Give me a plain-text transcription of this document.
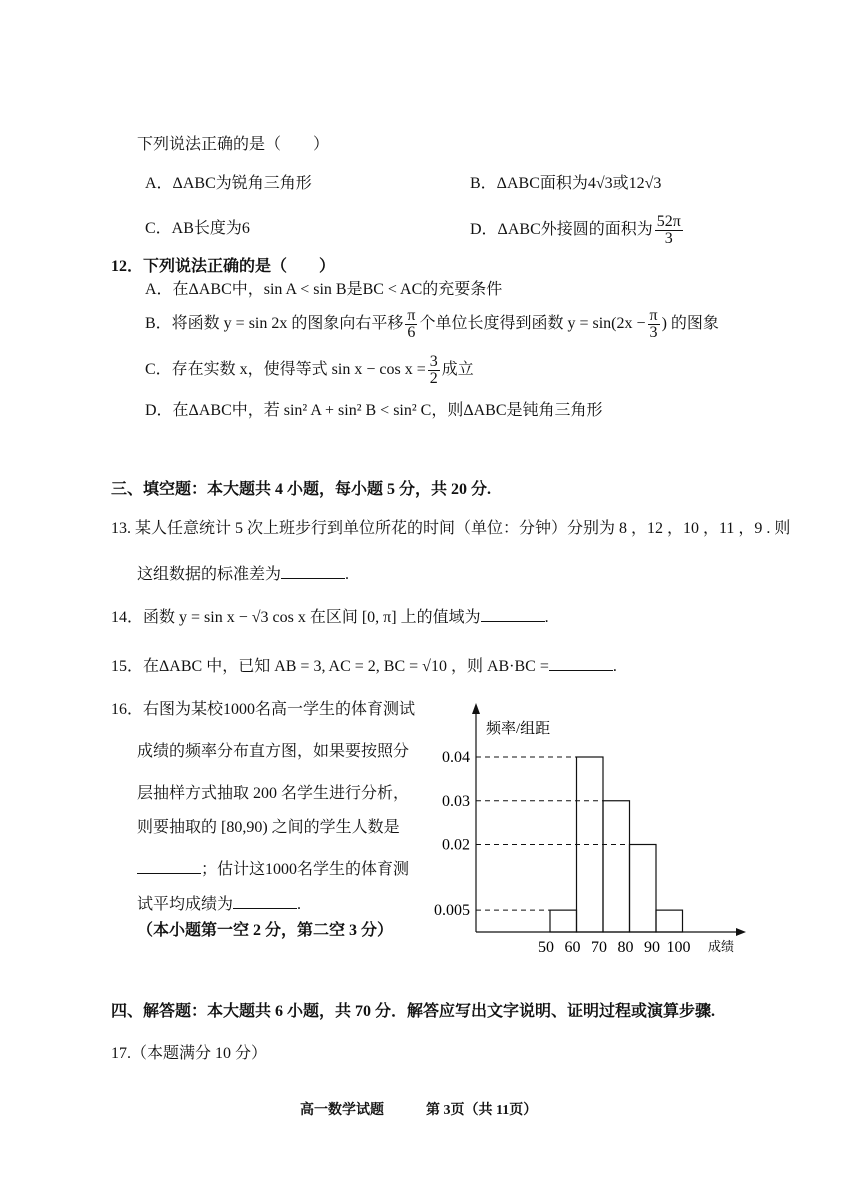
下列说法正确的是（　　）
A．ΔABC为锐角三角形	B．ΔABC面积为4√3或12√3
C．AB长度为6	D．ΔABC外接圆的面积为 $\frac{52\pi}{3}$
12．下列说法正确的是（　　）
A．在ΔABC中，sin A < sin B是BC < AC的充要条件
B．将函数 y = sin 2x 的图象向右平移 $\frac{\pi}{6}$ 个单位长度得到函数 $y = \sin(2x - \frac{\pi}{3}$ ) 的图象
C．存在实数 x，使得等式 $\sin x - \cos x = \frac{3}{2}$ 成立
D．在ΔABC中，若 sin² A + sin² B < sin² C，则ΔABC是钝角三角形
三、填空题：本大题共 4 小题，每小题 5 分，共 20 分.
13. 某人任意统计 5 次上班步行到单位所花的时间（单位：分钟）分别为 8 ，12 ，10 ，11 ，9 . 则
这组数据的标准差为	.
14．函数 y = sin x − √3 cos x 在区间 [0, π] 上的值域为	.
15．在ΔABC 中，已知 AB = 3, AC = 2, BC = √10 ，则 AB·BC =	.
16．右图为某校1000名高一学生的体育测试
成绩的频率分布直方图，如果要按照分
层抽样方式抽取 200 名学生进行分析，
则要抽取的 [80,90) 之间的学生人数是
；估计这1000名学生的体育测
试平均成绩为	.
（本小题第一空 2 分，第二空 3 分）
0.04
0.03
0.02
0.005
50 60 70 80 90 100
频率/组距
成绩
四、解答题：本大题共 6 小题，共 70 分．解答应写出文字说明、证明过程或演算步骤.
17.（本题满分 10 分）
高一数学试题	第 3页（共 11页）
